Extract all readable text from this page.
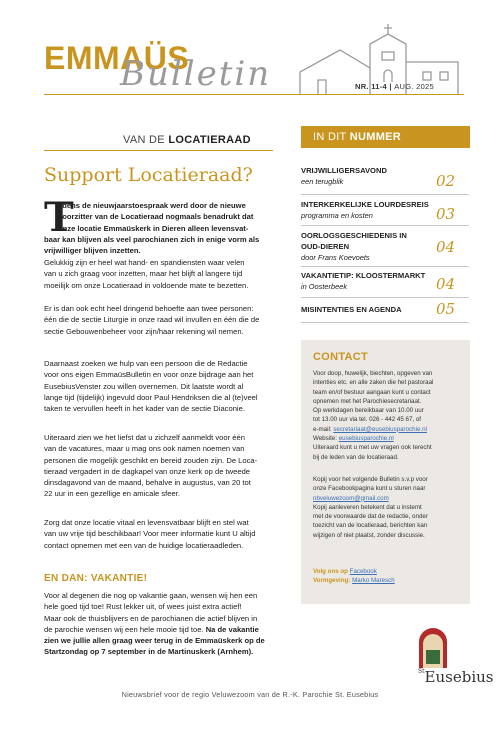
EMMAÜS
Bulletin	NR. 11-4 | AUG. 2025
VAN DE LOCATIERAAD
Support Locatieraad?
T
ijdens de nieuwjaarstoespraak werd door de nieuwe
voorzitter van de Locatieraad nogmaals benadrukt dat
onze locatie Emmaüskerk in Dieren alleen levensvat-
baar kan blijven als veel parochianen zich in enige vorm als
vrijwilliger blijven inzetten.
Gelukkig zijn er heel wat hand- en spandiensten waar velen
van u zich graag voor inzetten, maar het blijft al langere tijd
moeilijk om onze Locatieraad in voldoende mate te bezetten.
Er is dan ook echt heel dringend behoefte aan twee personen:
één die de sectie Liturgie in onze raad wil invullen en één die de
sectie Gebouwenbeheer voor zijn/haar rekening wil nemen.
Daarnaast zoeken we hulp van een persoon die de Redactie
voor ons eigen EmmaüsBulletin en voor onze bijdrage aan het
EusebiusVenster zou willen overnemen. Dit laatste wordt al
lange tijd (tijdelijk) ingevuld door Paul Hendriksen die al (te)veel
taken te vervullen heeft in het kader van de sectie Diaconie.
Uiteraard zien we het liefst dat u zichzelf aanmeldt voor één
van de vacatures, maar u mag ons ook namen noemen van
personen die mogelijk geschikt en bereid zouden zijn. De Loca-
tieraad vergadert in de dagkapel van onze kerk op de tweede
dinsdagavond van de maand, behalve in augustus, van 20 tot
22 uur in een gezellige en amicale sfeer.
Zorg dat onze locatie vitaal en levensvatbaar blijft en stel wat
van uw vrije tijd beschikbaar! Voor meer informatie kunt U altijd
contact opnemen met een van de huidige locatieraadleden.
EN DAN: VAKANTIE!
Voor al degenen die nog op vakantie gaan, wensen wij hen een
hele goed tijd toe! Rust lekker uit, of wees juist extra actief!
Maar ook de thuisblijvers en de parochianen die actief blijven in
de parochie wensen wij een hele mooie tijd toe. Na de vakantie
zien we jullie allen graag weer terug in de Emmaüskerk op de
Startzondag op 7 september in de Martinuskerk (Arnhem).
IN DIT NUMMER
VRIJWILLIGERSAVOND
een terugblik	02
INTERKERKELIJKE LOURDESREIS
programma en kosten	03
OORLOGSGESCHIEDENIS IN
OUD-DIEREN
door Frans Koevoets
04
VAKANTIETIP: KLOOSTERMARKT
in Oosterbeek	04
MISINTENTIES EN AGENDA	05
CONTACT
Voor doop, huwelijk, biechten, opgeven van
intenties etc. en alle zaken die het pastoraal
team en/of bestuur aangaan kunt u contact
opnemen met het Parochiesecretariaat.
Op werkdagen bereikbaar van 10.00 uur
tot 13.00 uur via tel. 026 - 442 45 67, of
e-mail: secretariaat@eusebiusparochie.nl
Website: eusebiusparochie.nl
Uiteraard kunt u met uw vragen ook terecht
bij de leden van de locatieraad.
Kopij voor het volgende Bulletin s.v.p voor
onze Facebookpagina kunt u sturen naar
nbveluwezoom@gmail.com
Kopij aanleveren betekent dat u instemt
met de voorwaarde dat de redactie, onder
toezicht van de locatieraad, berichten kan
wijzigen of niet plaatst, zonder discussie.
Volg ons op Facebook
Vormgeving: Marko Maresch
$^{St}$Eusebius
Nieuwsbrief voor de regio Veluwezoom van de R.-K. Parochie St. Eusebius
